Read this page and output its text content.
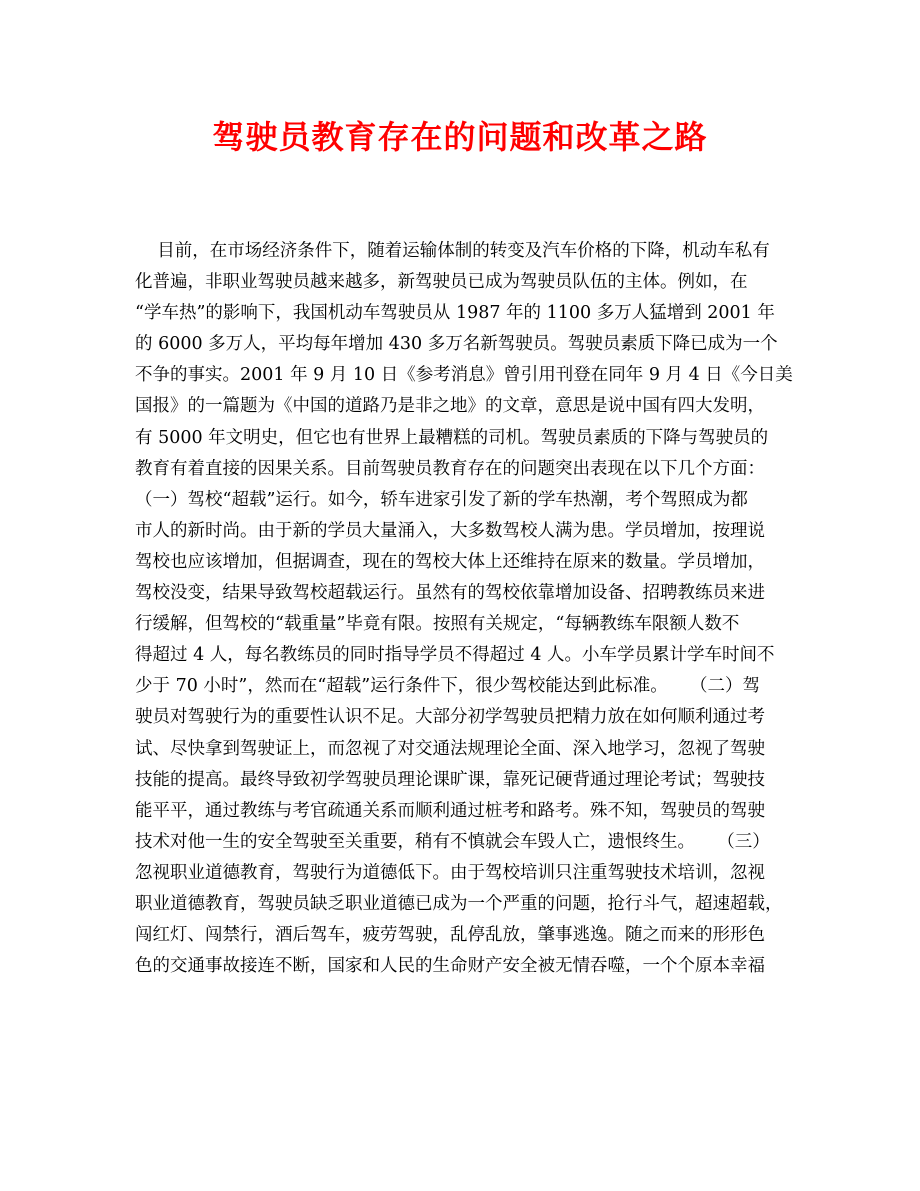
驾驶员教育存在的问题和改革之路
目前，在市场经济条件下，随着运输体制的转变及汽车价格的下降，机动车私有
化普遍，非职业驾驶员越来越多，新驾驶员已成为驾驶员队伍的主体。例如，在
“学车热”的影响下，我国机动车驾驶员从 1987 年的 1100 多万人猛增到 2001 年
的 6000 多万人，平均每年增加 430 多万名新驾驶员。驾驶员素质下降已成为一个
不争的事实。2001 年 9 月 10 日《参考消息》曾引用刊登在同年 9 月 4 日《今日美
国报》的一篇题为《中国的道路乃是非之地》的文章，意思是说中国有四大发明，
有 5000 年文明史，但它也有世界上最糟糕的司机。驾驶员素质的下降与驾驶员的
教育有着直接的因果关系。目前驾驶员教育存在的问题突出表现在以下几个方面：
（一）驾校“超载”运行。如今，轿车进家引发了新的学车热潮，考个驾照成为都
市人的新时尚。由于新的学员大量涌入，大多数驾校人满为患。学员增加，按理说
驾校也应该增加，但据调查，现在的驾校大体上还维持在原来的数量。学员增加，
驾校没变，结果导致驾校超载运行。虽然有的驾校依靠增加设备、招聘教练员来进
行缓解，但驾校的“载重量”毕竟有限。按照有关规定，“每辆教练车限额人数不
得超过 4 人，每名教练员的同时指导学员不得超过 4 人。小车学员累计学车时间不
少于 70 小时”，然而在“超载”运行条件下，很少驾校能达到此标准。    （二）驾
驶员对驾驶行为的重要性认识不足。大部分初学驾驶员把精力放在如何顺利通过考
试、尽快拿到驾驶证上，而忽视了对交通法规理论全面、深入地学习，忽视了驾驶
技能的提高。最终导致初学驾驶员理论课旷课，靠死记硬背通过理论考试；驾驶技
能平平，通过教练与考官疏通关系而顺利通过桩考和路考。殊不知，驾驶员的驾驶
技术对他一生的安全驾驶至关重要，稍有不慎就会车毁人亡，遗恨终生。    （三）
忽视职业道德教育，驾驶行为道德低下。由于驾校培训只注重驾驶技术培训，忽视
职业道德教育，驾驶员缺乏职业道德已成为一个严重的问题，抢行斗气，超速超载，
闯红灯、闯禁行，酒后驾车，疲劳驾驶，乱停乱放，肇事逃逸。随之而来的形形色
色的交通事故接连不断，国家和人民的生命财产安全被无情吞噬，一个个原本幸福
